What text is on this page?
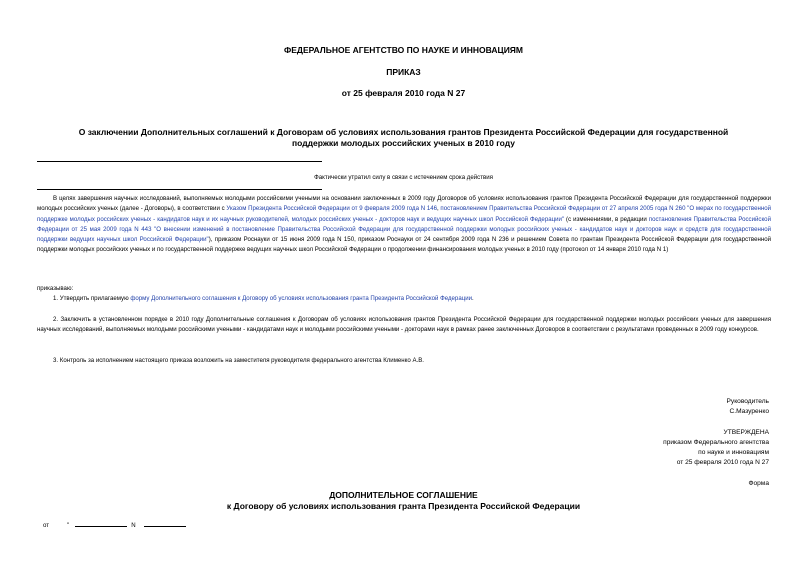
ФЕДЕРАЛЬНОЕ АГЕНТСТВО ПО НАУКЕ И ИННОВАЦИЯМ
ПРИКАЗ
от 25 февраля 2010 года N 27
О заключении Дополнительных соглашений к Договорам об условиях использования грантов Президента Российской Федерации для государственной
поддержки молодых российских ученых в 2010 году
Фактически утратил силу в связи с истечением срока действия
В целях завершения научных исследований, выполняемых молодыми российскими учеными на основании заключенных в 2009 году Договоров об условиях использования грантов Президента Российской Федерации для государственной поддержки молодых российских ученых (далее - Договоры), в соответствии с Указом Президента Российской Федерации от 9 февраля 2009 года N 146, постановлением Правительства Российской Федерации от 27 апреля 2005 года N 260 "О мерах по государственной поддержке молодых российских ученых - кандидатов наук и их научных руководителей, молодых российских ученых - докторов наук и ведущих научных школ Российской Федерации" (с изменениями, в редакции постановления Правительства Российской Федерации от 25 мая 2009 года N 443 "О внесении изменений в постановление Правительства Российской Федерации для государственной поддержки молодых российских ученых - кандидатов наук и докторов наук и средств для государственной поддержки ведущих научных школ Российской Федерации"), приказом Роснауки от 15 июня 2009 года N 150, приказом Роснауки от 24 сентября 2009 года N 236 и решением Совета по грантам Президента Российской Федерации для государственной поддержки молодых российских ученых и по государственной поддержке ведущих научных школ Российской Федерации о продолжении финансирования молодых ученых в 2010 году (протокол от 14 января 2010 года N 1)
приказываю:
1. Утвердить прилагаемую форму Дополнительного соглашения к Договору об условиях использования гранта Президента Российской Федерации.
2. Заключить в установленном порядке в 2010 году Дополнительные соглашения к Договорам об условиях использования грантов Президента Российской Федерации для государственной поддержки молодых российских ученых для завершения научных исследований, выполняемых молодыми российскими учеными - кандидатами наук и молодыми российскими учеными - докторами наук в рамках ранее заключенных Договоров в соответствии с результатами проведенных в 2009 году конкурсов.
3. Контроль за исполнением настоящего приказа возложить на заместителя руководителя федерального агентства Клименко А.В.
Руководитель
С.Мазуренко
УТВЕРЖДЕНА
приказом Федерального агентства
по науке и инновациям
от 25 февраля 2010 года N 27
Форма
ДОПОЛНИТЕЛЬНОЕ СОГЛАШЕНИЕ
к Договору об условиях использования гранта Президента Российской Федерации
от	"	N
